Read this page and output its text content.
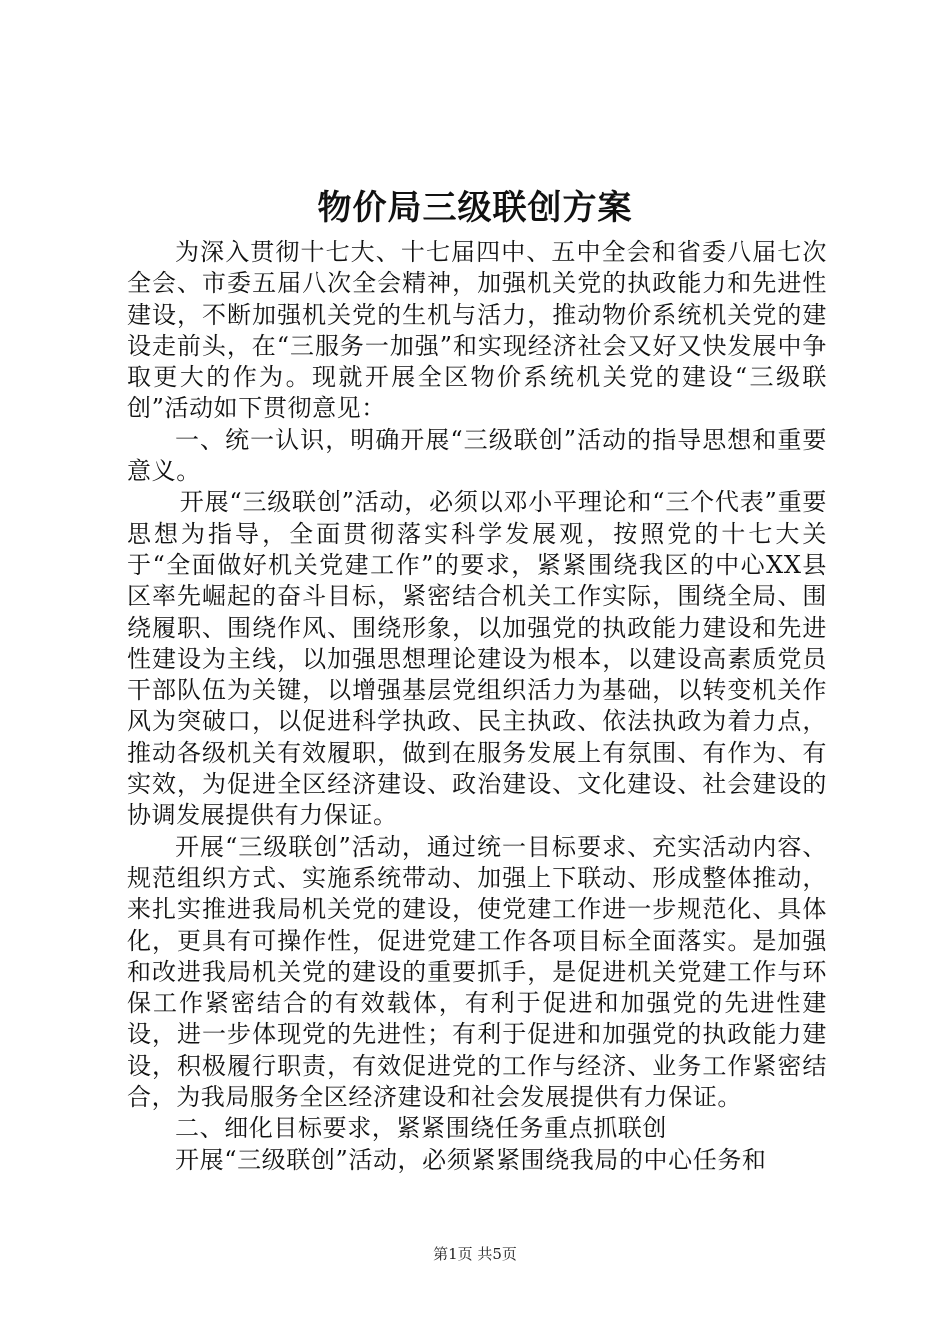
物价局三级联创方案

为深入贯彻十七大、十七届四中、五中全会和省委八届七次全会、市委五届八次全会精神，加强机关党的执政能力和先进性建设，不断加强机关党的生机与活力，推动物价系统机关党的建设走前头，在“三服务一加强”和实现经济社会又好又快发展中争取更大的作为。现就开展全区物价系统机关党的建设“三级联创”活动如下贯彻意见：

一、统一认识，明确开展“三级联创”活动的指导思想和重要意义。

开展“三级联创”活动，必须以邓小平理论和“三个代表”重要思想为指导，全面贯彻落实科学发展观，按照党的十七大关于“全面做好机关党建工作”的要求，紧紧围绕我区的中心XX县区率先崛起的奋斗目标，紧密结合机关工作实际，围绕全局、围绕履职、围绕作风、围绕形象，以加强党的执政能力建设和先进性建设为主线，以加强思想理论建设为根本，以建设高素质党员干部队伍为关键，以增强基层党组织活力为基础，以转变机关作风为突破口，以促进科学执政、民主执政、依法执政为着力点，推动各级机关有效履职，做到在服务发展上有氛围、有作为、有实效，为促进全区经济建设、政治建设、文化建设、社会建设的协调发展提供有力保证。

开展“三级联创”活动，通过统一目标要求、充实活动内容、规范组织方式、实施系统带动、加强上下联动、形成整体推动，来扎实推进我局机关党的建设，使党建工作进一步规范化、具体化，更具有可操作性，促进党建工作各项目标全面落实。是加强和改进我局机关党的建设的重要抓手，是促进机关党建工作与环保工作紧密结合的有效载体，有利于促进和加强党的先进性建设，进一步体现党的先进性；有利于促进和加强党的执政能力建设，积极履行职责，有效促进党的工作与经济、业务工作紧密结合，为我局服务全区经济建设和社会发展提供有力保证。

二、细化目标要求，紧紧围绕任务重点抓联创

开展“三级联创”活动，必须紧紧围绕我局的中心任务和

第1页 共5页
